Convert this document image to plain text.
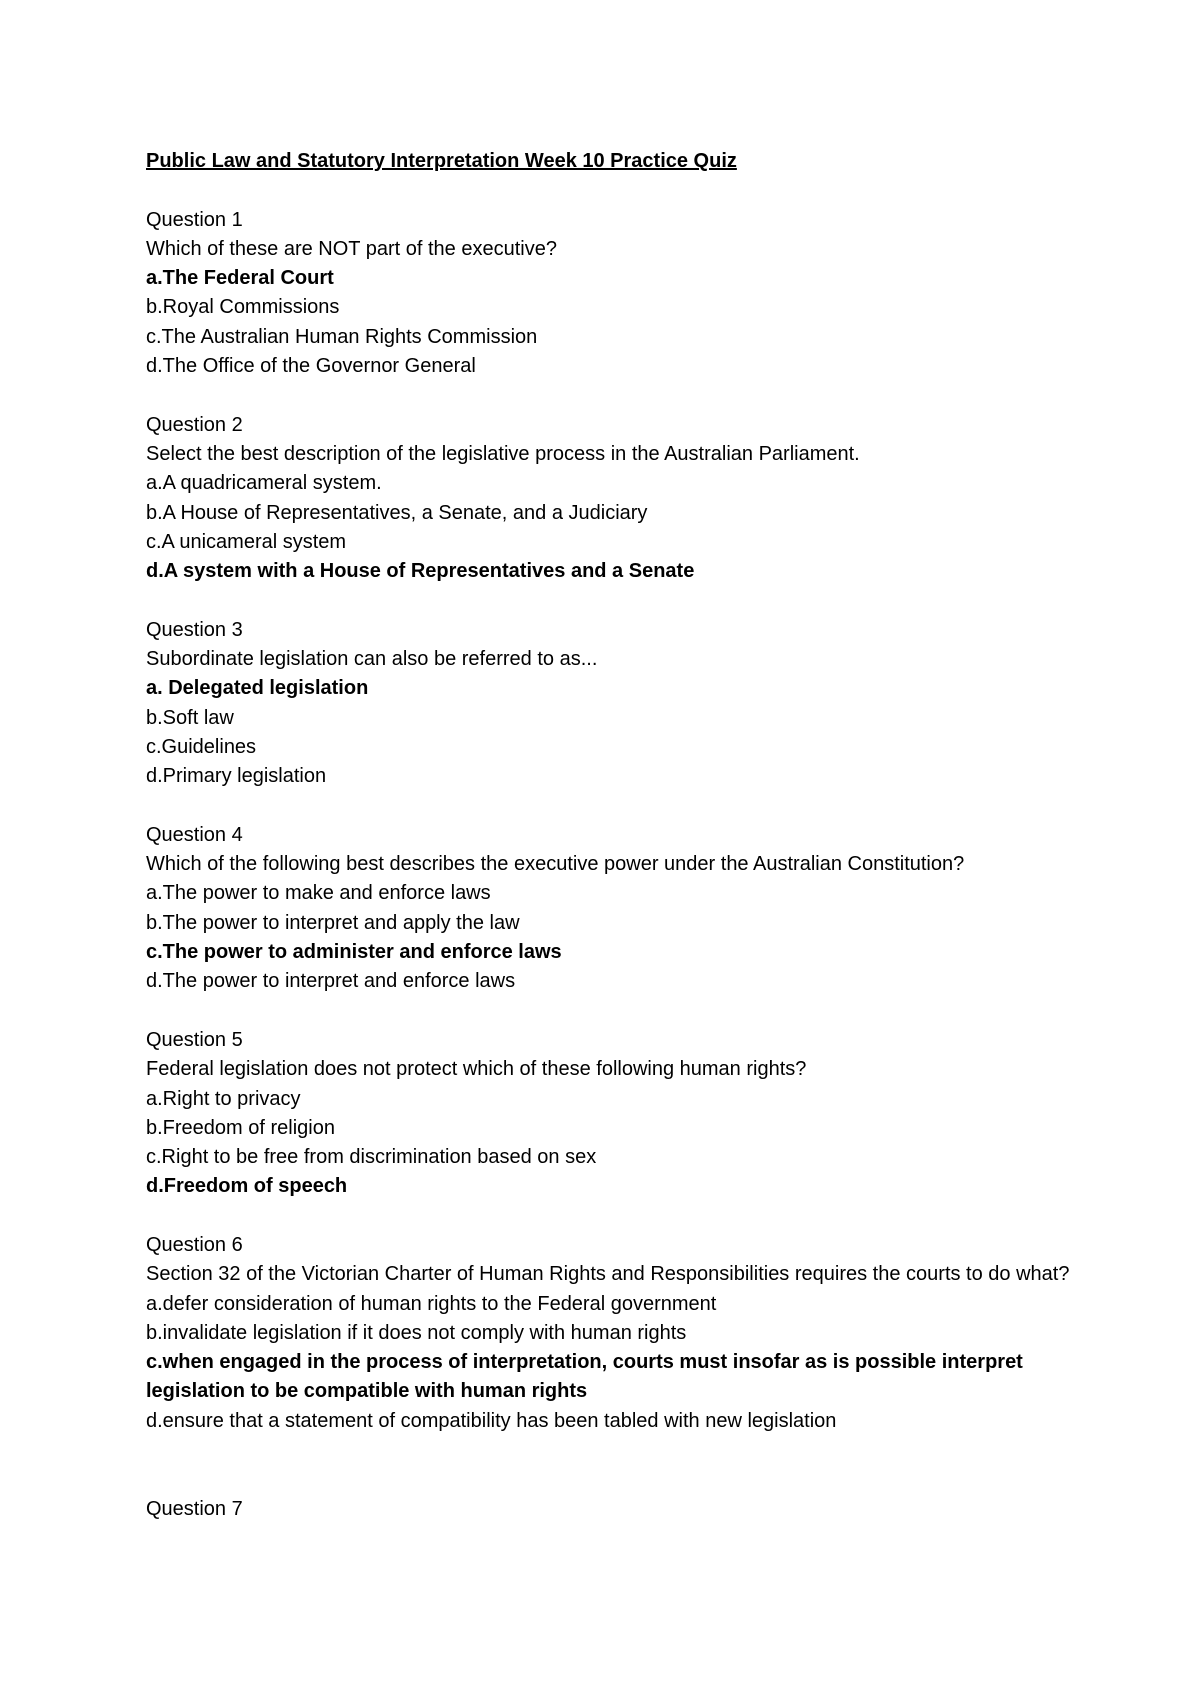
Public Law and Statutory Interpretation Week 10 Practice Quiz

Question 1

Which of these are NOT part of the executive?

a.The Federal Court

b.Royal Commissions

c.The Australian Human Rights Commission

d.The Office of the Governor General

Question 2

Select the best description of the legislative process in the Australian Parliament.

a.A quadricameral system.

b.A House of Representatives, a Senate, and a Judiciary

c.A unicameral system

d.A system with a House of Representatives and a Senate

Question 3

Subordinate legislation can also be referred to as...

a. Delegated legislation

b.Soft law

c.Guidelines

d.Primary legislation

Question 4

Which of the following best describes the executive power under the Australian Constitution?

a.The power to make and enforce laws

b.The power to interpret and apply the law

c.The power to administer and enforce laws

d.The power to interpret and enforce laws

Question 5

Federal legislation does not protect which of these following human rights?

a.Right to privacy

b.Freedom of religion

c.Right to be free from discrimination based on sex

d.Freedom of speech

Question 6

Section 32 of the Victorian Charter of Human Rights and Responsibilities requires the courts to do what?

a.defer consideration of human rights to the Federal government

b.invalidate legislation if it does not comply with human rights

c.when engaged in the process of interpretation, courts must insofar as is possible interpret legislation to be compatible with human rights

d.ensure that a statement of compatibility has been tabled with new legislation

Question 7
